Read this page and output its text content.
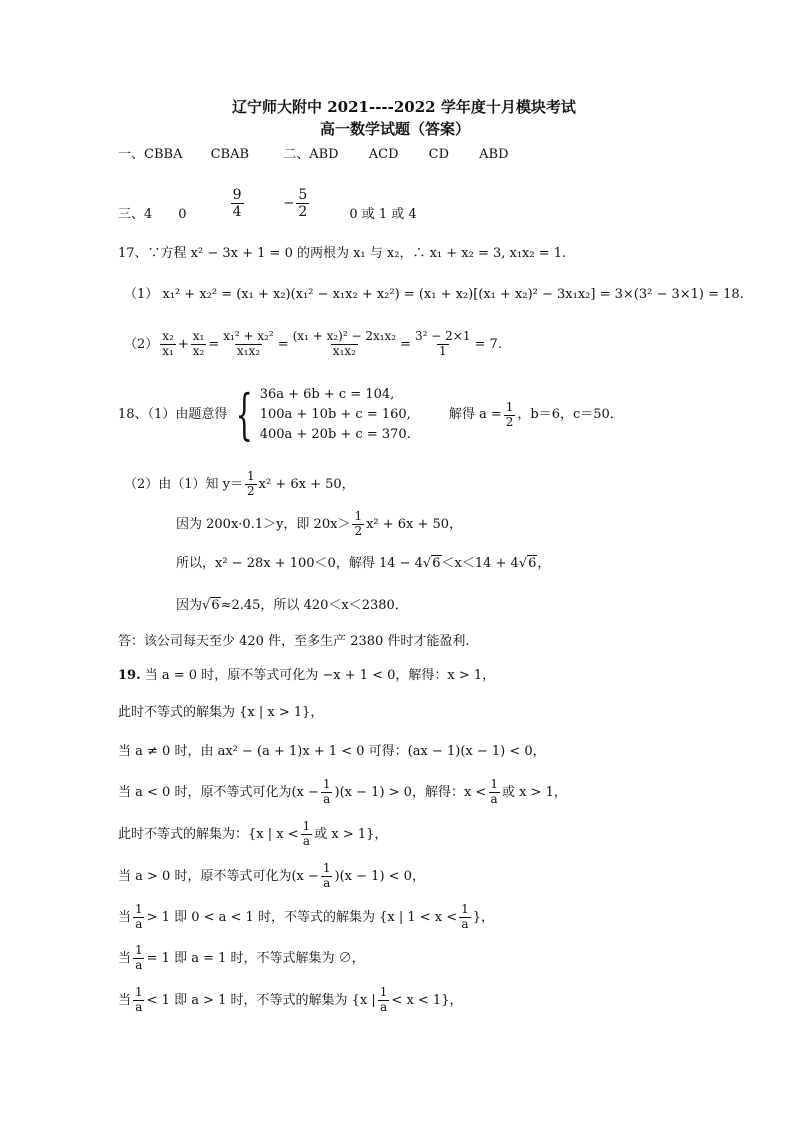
辽宁师大附中 2021----2022 学年度十月模块考试
高一数学试题（答案）
一、CBBA CBAB	二、ABD ACD CD ABD
三、 4 0	$\frac{9}{4}$	− $\frac{5}{2}$	0 或 1 或 4
17、∵方程 x² − 3x + 1 = 0 的两根为 x₁ 与 x₂，∴ x₁ + x₂ = 3, x₁x₂ = 1.
（1） x₁² + x₂² = (x₁ + x₂)(x₁² − x₁x₂ + x₂²) = (x₁ + x₂)[(x₁ + x₂)² − 3x₁x₂] = 3×(3² − 3×1) = 18.
$(2) \frac{\text{x₂}}{\text{x₁}} + \frac{\text{x₁}}{\text{x₂}} = \frac{\text{x₁² + x₂²}}{\text{x₁x₂}} = \frac{\text{(x₁ + x₂)² − 2x₁x₂}}{\text{x₁x₂}} = \frac{\text{3² − 2×1}}{1} = 7$.
18、（1）由题意得 { 36a + 6b + c = 104,
100a + 10b + c = 160,
400a + 20b + c = 370.
解得 $a = \frac{1}{2}$ ，b＝6，c＝50．
（2）由（1）知 $y= \frac{1}{2} x^2 + 6x + 50$，
因为 200x·0.1＞y，即 $20x> \frac{1}{2} x^2 + 6x + 50$，
所以，x² − 28x + 100＜0，解得 14 − 4√6＜x＜14 + 4√6，
因为√6≈2.45，所以 420＜x＜2380．
答：该公司每天至少 420 件，至多生产 2380 件时才能盈利.
19. 当 a = 0 时，原不等式可化为 −x + 1 < 0，解得：x > 1，
此时不等式的解集为 {x | x > 1}，
当 a ≠ 0 时，由 ax² − (a + 1)x + 1 < 0 可得：(ax − 1)(x − 1) < 0，
当 a < 0 时，原不等式可化为 ($x - \frac{1}{a}$ ) (x − 1) > 0，解得：$x < \frac{1}{a}$ 或 x > 1，
此时不等式的解集为：{x | $x < \frac{1}{a}$ 或 x > 1}，
当 a > 0 时，原不等式可化为 ($x - \frac{1}{a}$ ) (x − 1) < 0，
当 $\frac{1}{a} > 1$ 即 0 < a < 1 时，不等式的解集为 {x | $1 < x < \frac{1}{a}$ }，
当 $\frac{1}{a} = 1$ 即 a = 1 时，不等式解集为 ∅，
当 $\frac{1}{a} < 1$ 即 a > 1 时，不等式的解集为 {x | $\frac{1}{a} < x < 1$}，
